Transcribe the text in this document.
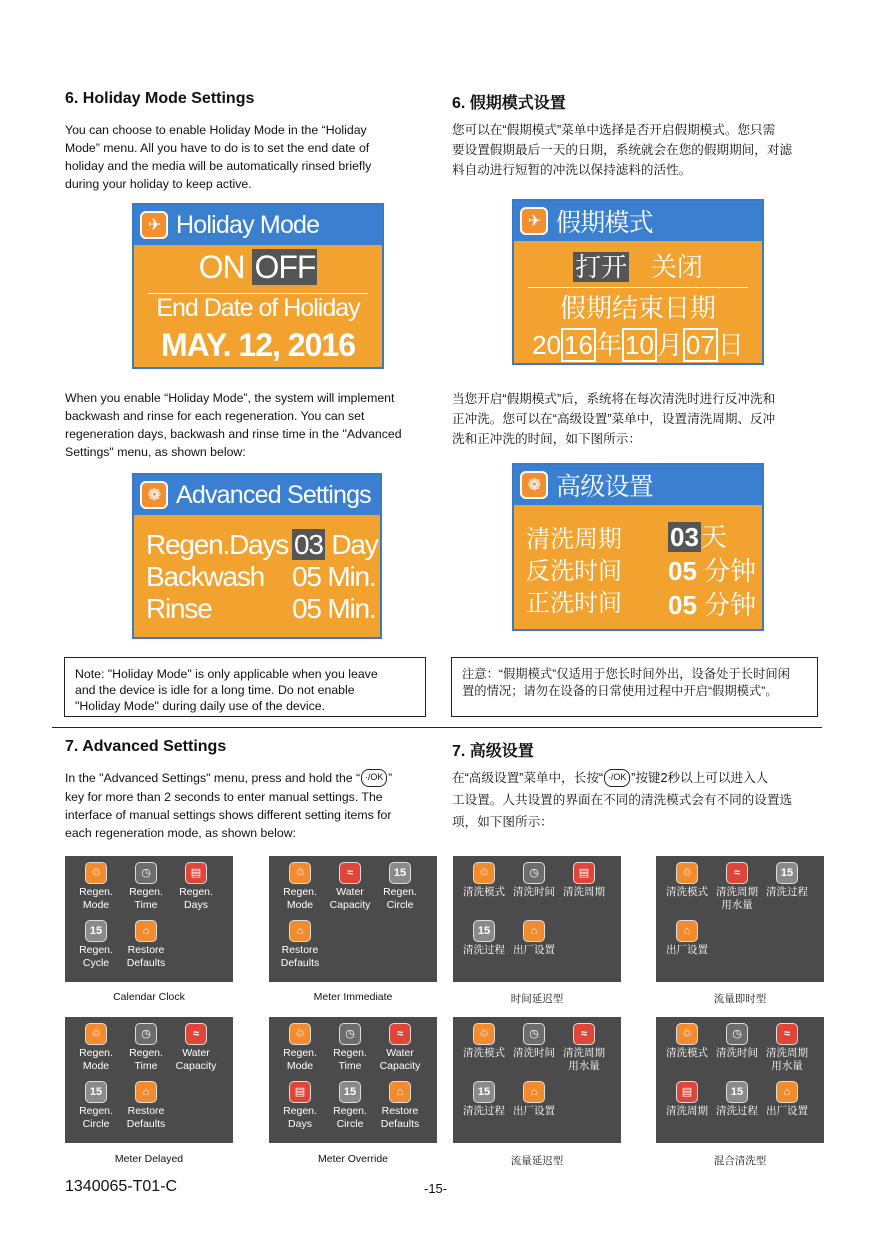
6. Holiday Mode Settings
You can choose to enable Holiday Mode in the “Holiday
Mode” menu. All you have to do is to set the end date of
holiday and the media will be automatically rinsed briefly
during your holiday to keep active.
✈ Holiday Mode
ON OFF
End Date of Holiday
MAY. 12, 2016
6. 假期模式设置
您可以在“假期模式”菜单中选择是否开启假期模式。您只需
要设置假期最后一天的日期，系统就会在您的假期期间，对滤
料自动进行短暂的冲洗以保持滤料的活性。
✈ 假期模式
打开 关闭
假期结束日期
20 16 年 10 月 07 日
When you enable “Holiday Mode”, the system will implement
backwash and rinse for each regeneration. You can set
regeneration days, backwash and rinse time in the "Advanced
Settings" menu, as shown below:
当您开启“假期模式”后，系统将在每次清洗时进行反冲洗和
正冲洗。您可以在“高级设置”菜单中，设置清洗周期、反冲
洗和正冲洗的时间，如下图所示：
❁ Advanced Settings
Regen.Days 03 Day
Backwash 05 Min.
Rinse	05 Min.
❁ 高级设置
清洗周期 03天
反洗时间 05 分钟
正洗时间 05 分钟
Note: "Holiday Mode" is only applicable when you leave
and the device is idle for a long time. Do not enable
"Holiday Mode" during daily use of the device.
注意：“假期模式”仅适用于您长时间外出，设备处于长时间闲
置的情况；请勿在设备的日常使用过程中开启“假期模式”。
7. Advanced Settings	7. 高级设置
In the "Advanced Settings" menu, press and hold the “ ·/OK ”
key for more than 2 seconds to enter manual settings. The
interface of manual settings shows different setting items for
each regeneration mode, as shown below:
在“高级设置”菜单中，长按“ ·/OK ”按键2秒以上可以进入人
工设置。人共设置的界面在不同的清洗模式会有不同的设置选
项，如下图所示：
♲
Regen.
Mode
◷
Regen.
Time
▤
Regen.
Days
15
Regen.
Cycle
⌂
Restore
Defaults
Calendar Clock
♲
Regen.
Mode
≈
Water
Capacity
15
Regen.
Circle
⌂
Restore
Defaults
Meter Immediate
♲
清洗模式
◷
清洗时间
▤
清洗周期
15
清洗过程
⌂
出厂设置
时间延迟型
♲
清洗模式
≈
清洗周期
用水量
15
清洗过程
⌂
出厂设置
流量即时型
♲
Regen.
Mode
◷
Regen.
Time
≈
Water
Capacity
15
Regen.
Circle
⌂
Restore
Defaults
Meter Delayed
♲
Regen.
Mode
◷
Regen.
Time
≈
Water
Capacity
▤
Regen.
Days
15
Regen.
Circle
⌂
Restore
Defaults
Meter Override
♲
清洗模式
◷
清洗时间
≈
清洗周期
用水量
15
清洗过程
⌂
出厂设置
流量延迟型
♲
清洗模式
◷
清洗时间
≈
清洗周期
用水量
▤
清洗周期
15
清洗过程
⌂
出厂设置
混合清洗型
1340065-T01-C	-15-
